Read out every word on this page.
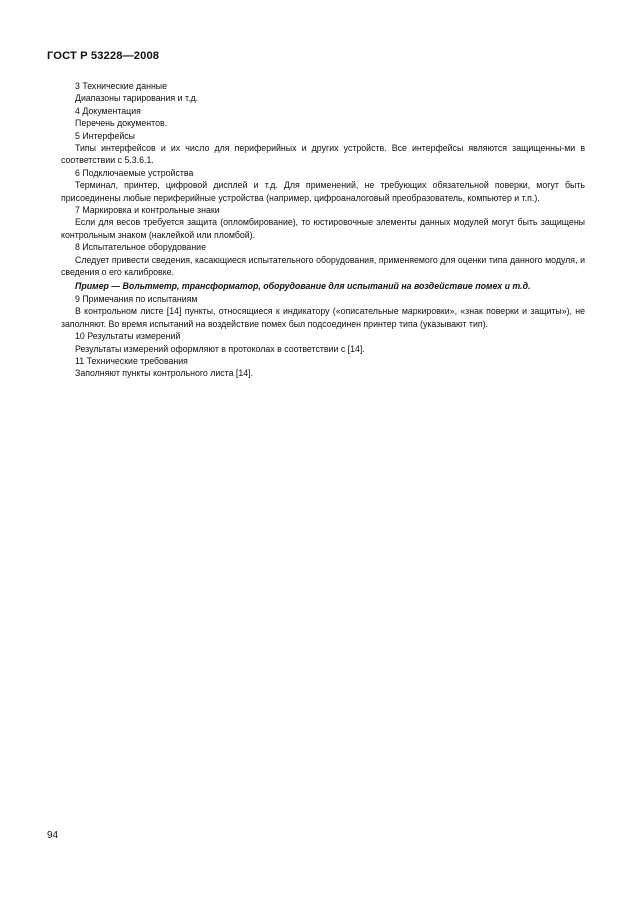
ГОСТ Р 53228—2008

3 Технические данные

Диапазоны тарирования и т.д.

4 Документация

Перечень документов.

5 Интерфейсы

Типы интерфейсов и их число для периферийных и других устройств. Все интерфейсы являются защищенны-ми в соответствии с 5.3.6.1.

6 Подключаемые устройства

Терминал, принтер, цифровой дисплей и т.д. Для применений, не требующих обязательной поверки, могут быть присоединены любые периферийные устройства (например, цифроаналоговый преобразователь, компьютер и т.п.).

7 Маркировка и контрольные знаки

Если для весов требуется защита (опломбирование), то юстировочные элементы данных модулей могут быть защищены контрольным знаком (наклейкой или пломбой).

8 Испытательное оборудование

Следует привести сведения, касающиеся испытательного оборудования, применяемого для оценки типа данного модуля, и сведения о его калибровке.

Пример — Вольтметр, трансформатор, оборудование для испытаний на воздействие помех и т.д.

9 Примечания по испытаниям

В контрольном листе [14] пункты, относящиеся к индикатору («описательные маркировки», «знак поверки и защиты»), не заполняют. Во время испытаний на воздействие помех был подсоединен принтер типа (указывают тип).

10 Результаты измерений

Результаты измерений оформляют в протоколах в соответствии с [14].

11 Технические требования

Заполняют пункты контрольного листа [14].

94
